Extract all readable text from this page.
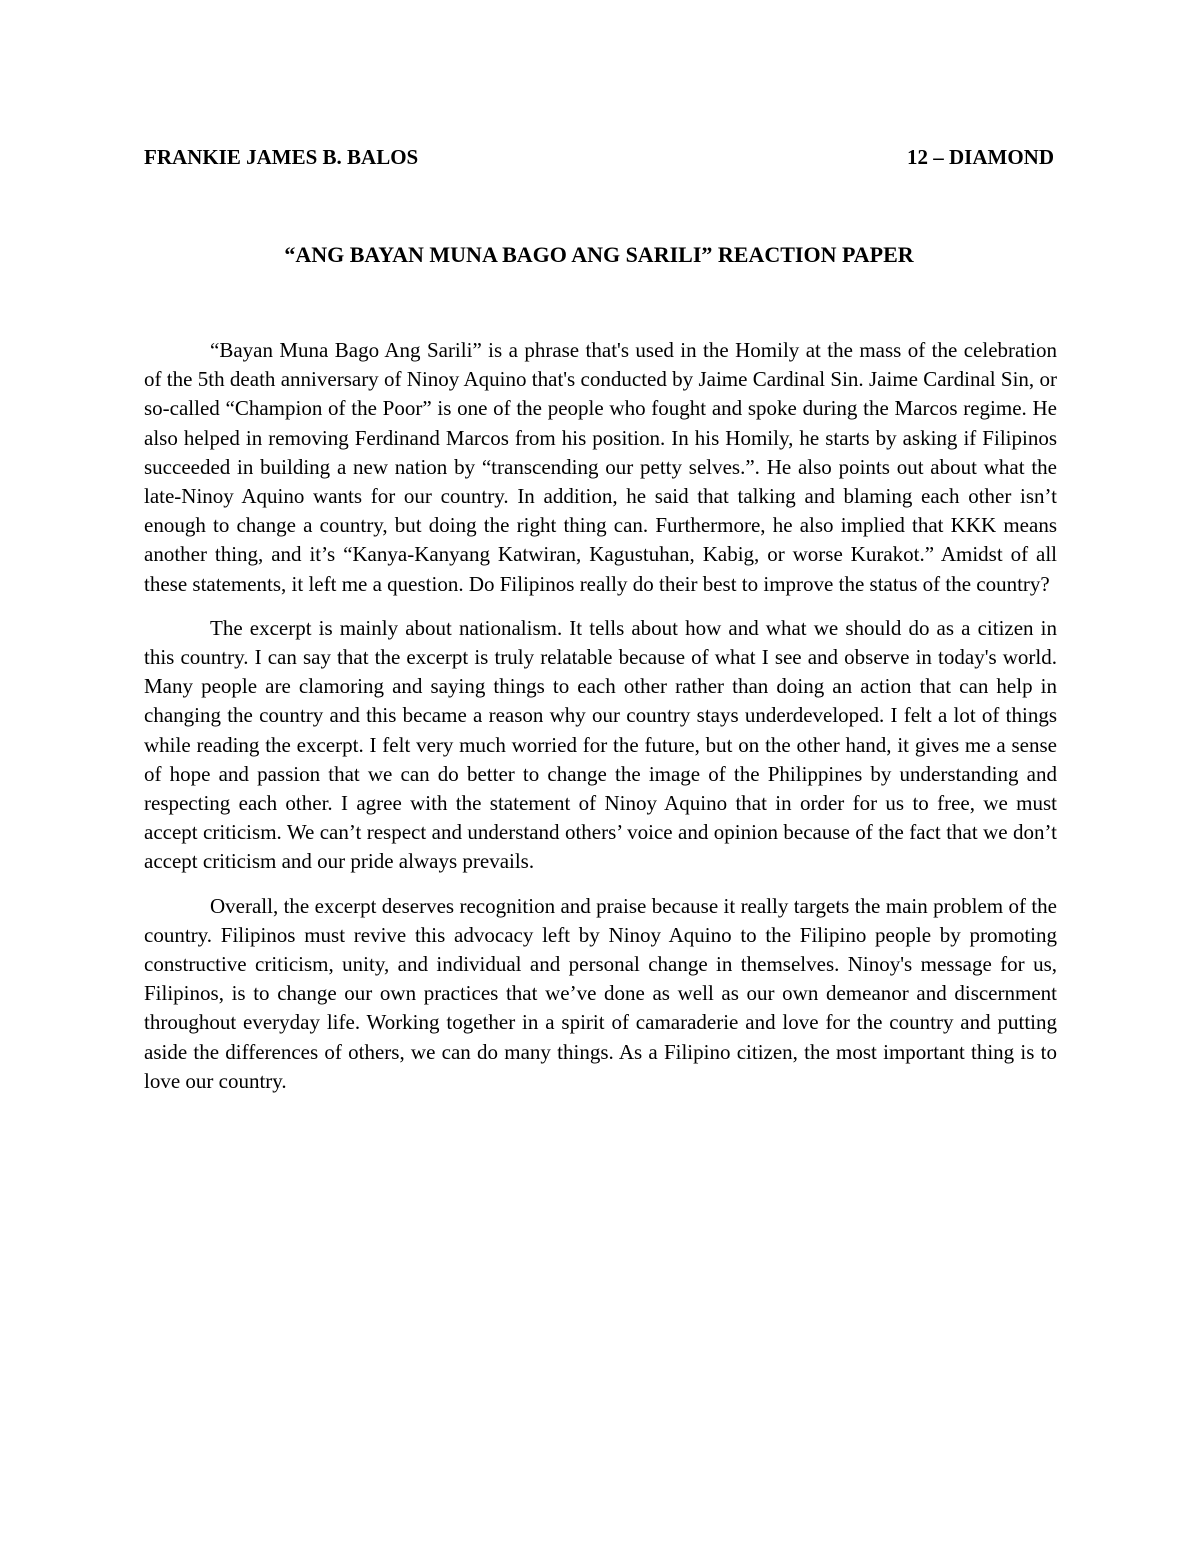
FRANKIE JAMES B. BALOS	12 – DIAMOND
“ANG BAYAN MUNA BAGO ANG SARILI” REACTION PAPER

“Bayan Muna Bago Ang Sarili” is a phrase that's used in the Homily at the mass of the celebration of the 5th death anniversary of Ninoy Aquino that's conducted by Jaime Cardinal Sin. Jaime Cardinal Sin, or so-called “Champion of the Poor” is one of the people who fought and spoke during the Marcos regime. He also helped in removing Ferdinand Marcos from his position. In his Homily, he starts by asking if Filipinos succeeded in building a new nation by “transcending our petty selves.”. He also points out about what the late-Ninoy Aquino wants for our country. In addition, he said that talking and blaming each other isn’t enough to change a country, but doing the right thing can. Furthermore, he also implied that KKK means another thing, and it’s “Kanya-Kanyang Katwiran, Kagustuhan, Kabig, or worse Kurakot.” Amidst of all these statements, it left me a question. Do Filipinos really do their best to improve the status of the country?

The excerpt is mainly about nationalism. It tells about how and what we should do as a citizen in this country. I can say that the excerpt is truly relatable because of what I see and observe in today's world. Many people are clamoring and saying things to each other rather than doing an action that can help in changing the country and this became a reason why our country stays underdeveloped. I felt a lot of things while reading the excerpt. I felt very much worried for the future, but on the other hand, it gives me a sense of hope and passion that we can do better to change the image of the Philippines by understanding and respecting each other. I agree with the statement of Ninoy Aquino that in order for us to free, we must accept criticism. We can’t respect and understand others’ voice and opinion because of the fact that we don’t accept criticism and our pride always prevails.

Overall, the excerpt deserves recognition and praise because it really targets the main problem of the country. Filipinos must revive this advocacy left by Ninoy Aquino to the Filipino people by promoting constructive criticism, unity, and individual and personal change in themselves. Ninoy's message for us, Filipinos, is to change our own practices that we’ve done as well as our own demeanor and discernment throughout everyday life. Working together in a spirit of camaraderie and love for the country and putting aside the differences of others, we can do many things. As a Filipino citizen, the most important thing is to love our country.
